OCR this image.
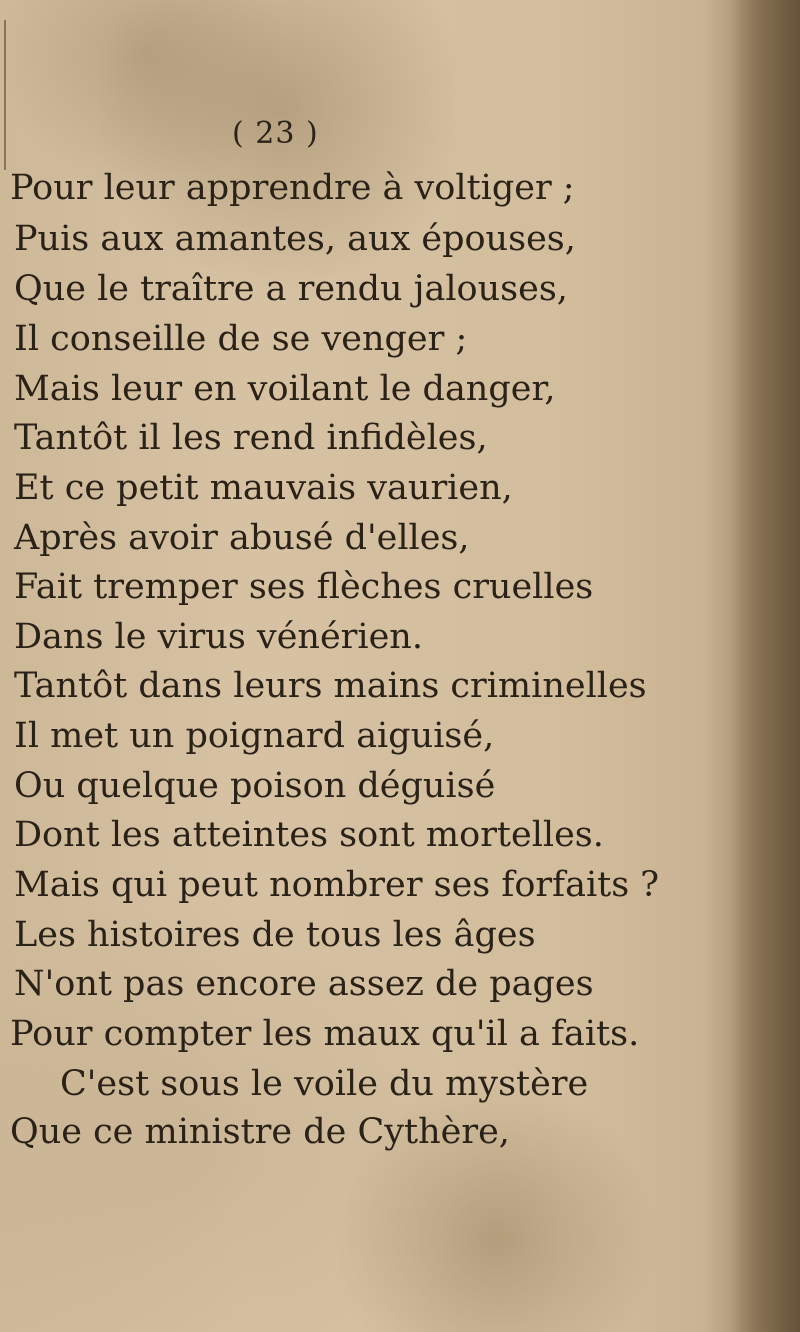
( 23 )
Pour leur apprendre à voltiger ;
Puis aux amantes, aux épouses,
Que le traître a rendu jalouses,
Il conseille de se venger ;
Mais leur en voilant le danger,
Tantôt il les rend infidèles,
Et ce petit mauvais vaurien,
Après avoir abusé d'elles,
Fait tremper ses flèches cruelles
Dans le virus vénérien.
Tantôt dans leurs mains criminelles
Il met un poignard aiguisé,
Ou quelque poison déguisé
Dont les atteintes sont mortelles.
Mais qui peut nombrer ses forfaits ?
Les histoires de tous les âges
N'ont pas encore assez de pages
Pour compter les maux qu'il a faits.
C'est sous le voile du mystère
Que ce ministre de Cythère,
